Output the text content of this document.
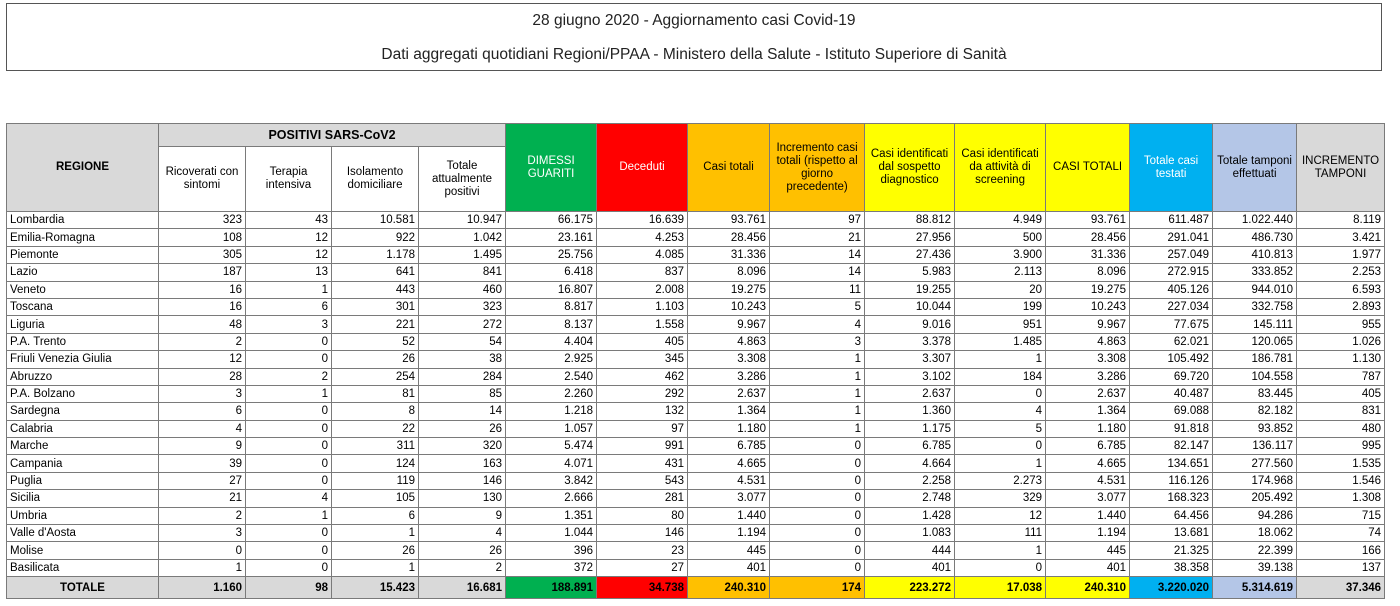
28 giugno 2020 - Aggiornamento casi Covid-19
Dati aggregati quotidiani Regioni/PPAA - Ministero della Salute - Istituto Superiore di Sanità
REGIONE	POSITIVI SARS-CoV2				DIMESSI GUARITI	Deceduti	Casi totali	Incremento casi totali (rispetto al giorno precedente)	Casi identificati dal sospetto diagnostico	Casi identificati da attività di screening	CASI TOTALI	Totale casi testati	Totale tamponi effettuati	INCREMENTO TAMPONI
	Ricoverati con sintomi	Terapia intensiva	Isolamento domiciliare	Totale attualmente positivi										
Lombardia	323	43	10.581	10.947	66.175	16.639	93.761	97	88.812	4.949	93.761	611.487	1.022.440	8.119
Emilia-Romagna	108	12	922	1.042	23.161	4.253	28.456	21	27.956	500	28.456	291.041	486.730	3.421
Piemonte	305	12	1.178	1.495	25.756	4.085	31.336	14	27.436	3.900	31.336	257.049	410.813	1.977
Lazio	187	13	641	841	6.418	837	8.096	14	5.983	2.113	8.096	272.915	333.852	2.253
Veneto	16	1	443	460	16.807	2.008	19.275	11	19.255	20	19.275	405.126	944.010	6.593
Toscana	16	6	301	323	8.817	1.103	10.243	5	10.044	199	10.243	227.034	332.758	2.893
Liguria	48	3	221	272	8.137	1.558	9.967	4	9.016	951	9.967	77.675	145.111	955
P.A. Trento	2	0	52	54	4.404	405	4.863	3	3.378	1.485	4.863	62.021	120.065	1.026
Friuli Venezia Giulia	12	0	26	38	2.925	345	3.308	1	3.307	1	3.308	105.492	186.781	1.130
Abruzzo	28	2	254	284	2.540	462	3.286	1	3.102	184	3.286	69.720	104.558	787
P.A. Bolzano	3	1	81	85	2.260	292	2.637	1	2.637	0	2.637	40.487	83.445	405
Sardegna	6	0	8	14	1.218	132	1.364	1	1.360	4	1.364	69.088	82.182	831
Calabria	4	0	22	26	1.057	97	1.180	1	1.175	5	1.180	91.818	93.852	480
Marche	9	0	311	320	5.474	991	6.785	0	6.785	0	6.785	82.147	136.117	995
Campania	39	0	124	163	4.071	431	4.665	0	4.664	1	4.665	134.651	277.560	1.535
Puglia	27	0	119	146	3.842	543	4.531	0	2.258	2.273	4.531	116.126	174.968	1.546
Sicilia	21	4	105	130	2.666	281	3.077	0	2.748	329	3.077	168.323	205.492	1.308
Umbria	2	1	6	9	1.351	80	1.440	0	1.428	12	1.440	64.456	94.286	715
Valle d'Aosta	3	0	1	4	1.044	146	1.194	0	1.083	111	1.194	13.681	18.062	74
Molise	0	0	26	26	396	23	445	0	444	1	445	21.325	22.399	166
Basilicata	1	0	1	2	372	27	401	0	401	0	401	38.358	39.138	137
TOTALE	1.160	98	15.423	16.681	188.891	34.738	240.310	174	223.272	17.038	240.310	3.220.020	5.314.619	37.346
